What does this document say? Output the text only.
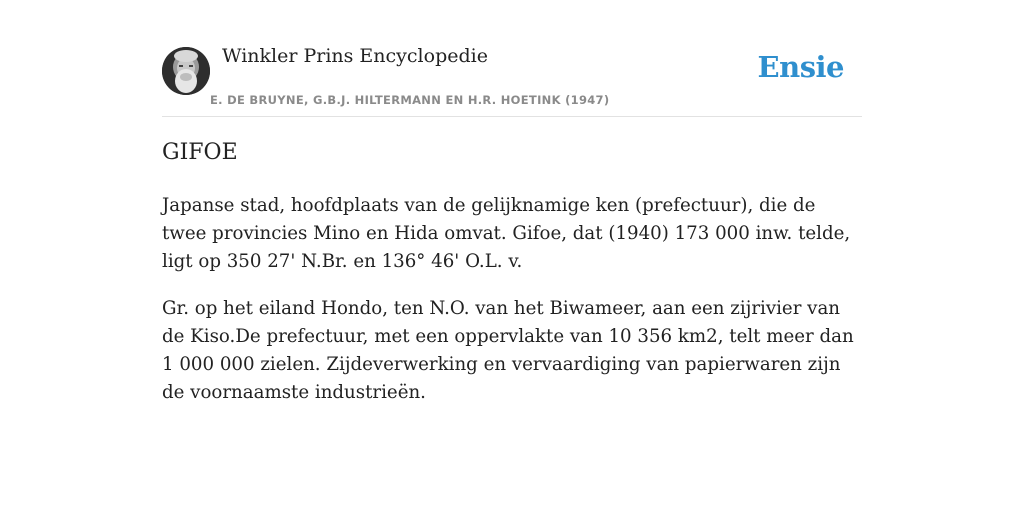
Winkler Prins Encyclopedie
E. DE BRUYNE, G.B.J. HILTERMANN EN H.R. HOETINK (1947)
Ensie
GIFOE

Japanse stad, hoofdplaats van de gelijknamige ken (prefectuur), die de twee provincies Mino en Hida omvat. Gifoe, dat (1940) 173 000 inw. telde, ligt op 350 27' N.Br. en 136° 46' O.L. v.

Gr. op het eiland Hondo, ten N.O. van het Biwameer, aan een zijrivier van de Kiso.De prefectuur, met een oppervlakte van 10 356 km2, telt meer dan 1 000 000 zielen. Zijdeverwerking en vervaardiging van papierwaren zijn de voornaamste industrieën.
